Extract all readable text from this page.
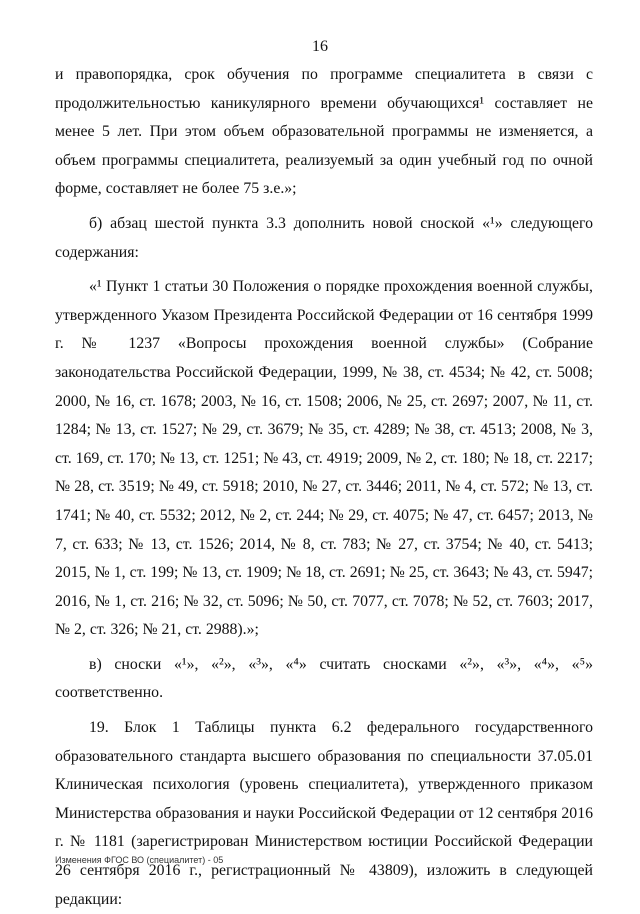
16

и правопорядка, срок обучения по программе специалитета в связи с продолжительностью каникулярного времени обучающихся¹ составляет не менее 5 лет. При этом объем образовательной программы не изменяется, а объем программы специалитета, реализуемый за один учебный год по очной форме, составляет не более 75 з.е.»;

б) абзац шестой пункта 3.3 дополнить новой сноской «¹» следующего содержания:

«¹ Пункт 1 статьи 30 Положения о порядке прохождения военной службы, утвержденного Указом Президента Российской Федерации от 16 сентября 1999 г. № 1237 «Вопросы прохождения военной службы» (Собрание законодательства Российской Федерации, 1999, № 38, ст. 4534; № 42, ст. 5008; 2000, № 16, ст. 1678; 2003, № 16, ст. 1508; 2006, № 25, ст. 2697; 2007, № 11, ст. 1284; № 13, ст. 1527; № 29, ст. 3679; № 35, ст. 4289; № 38, ст. 4513; 2008, № 3, ст. 169, ст. 170; № 13, ст. 1251; № 43, ст. 4919; 2009, № 2, ст. 180; № 18, ст. 2217; № 28, ст. 3519; № 49, ст. 5918; 2010, № 27, ст. 3446; 2011, № 4, ст. 572; № 13, ст. 1741; № 40, ст. 5532; 2012, № 2, ст. 244; № 29, ст. 4075; № 47, ст. 6457; 2013, № 7, ст. 633; № 13, ст. 1526; 2014, № 8, ст. 783; № 27, ст. 3754; № 40, ст. 5413; 2015, № 1, ст. 199; № 13, ст. 1909; № 18, ст. 2691; № 25, ст. 3643; № 43, ст. 5947; 2016, № 1, ст. 216; № 32, ст. 5096; № 50, ст. 7077, ст. 7078; № 52, ст. 7603; 2017, № 2, ст. 326; № 21, ст. 2988).»;

в) сноски «¹», «²», «³», «⁴» считать сносками «²», «³», «⁴», «⁵» соответственно.

19. Блок 1 Таблицы пункта 6.2 федерального государственного образовательного стандарта высшего образования по специальности 37.05.01 Клиническая психология (уровень специалитета), утвержденного приказом Министерства образования и науки Российской Федерации от 12 сентября 2016 г. № 1181 (зарегистрирован Министерством юстиции Российской Федерации 26 сентября 2016 г., регистрационный № 43809), изложить в следующей редакции:

Изменения ФГОС ВО (специалитет) - 05
